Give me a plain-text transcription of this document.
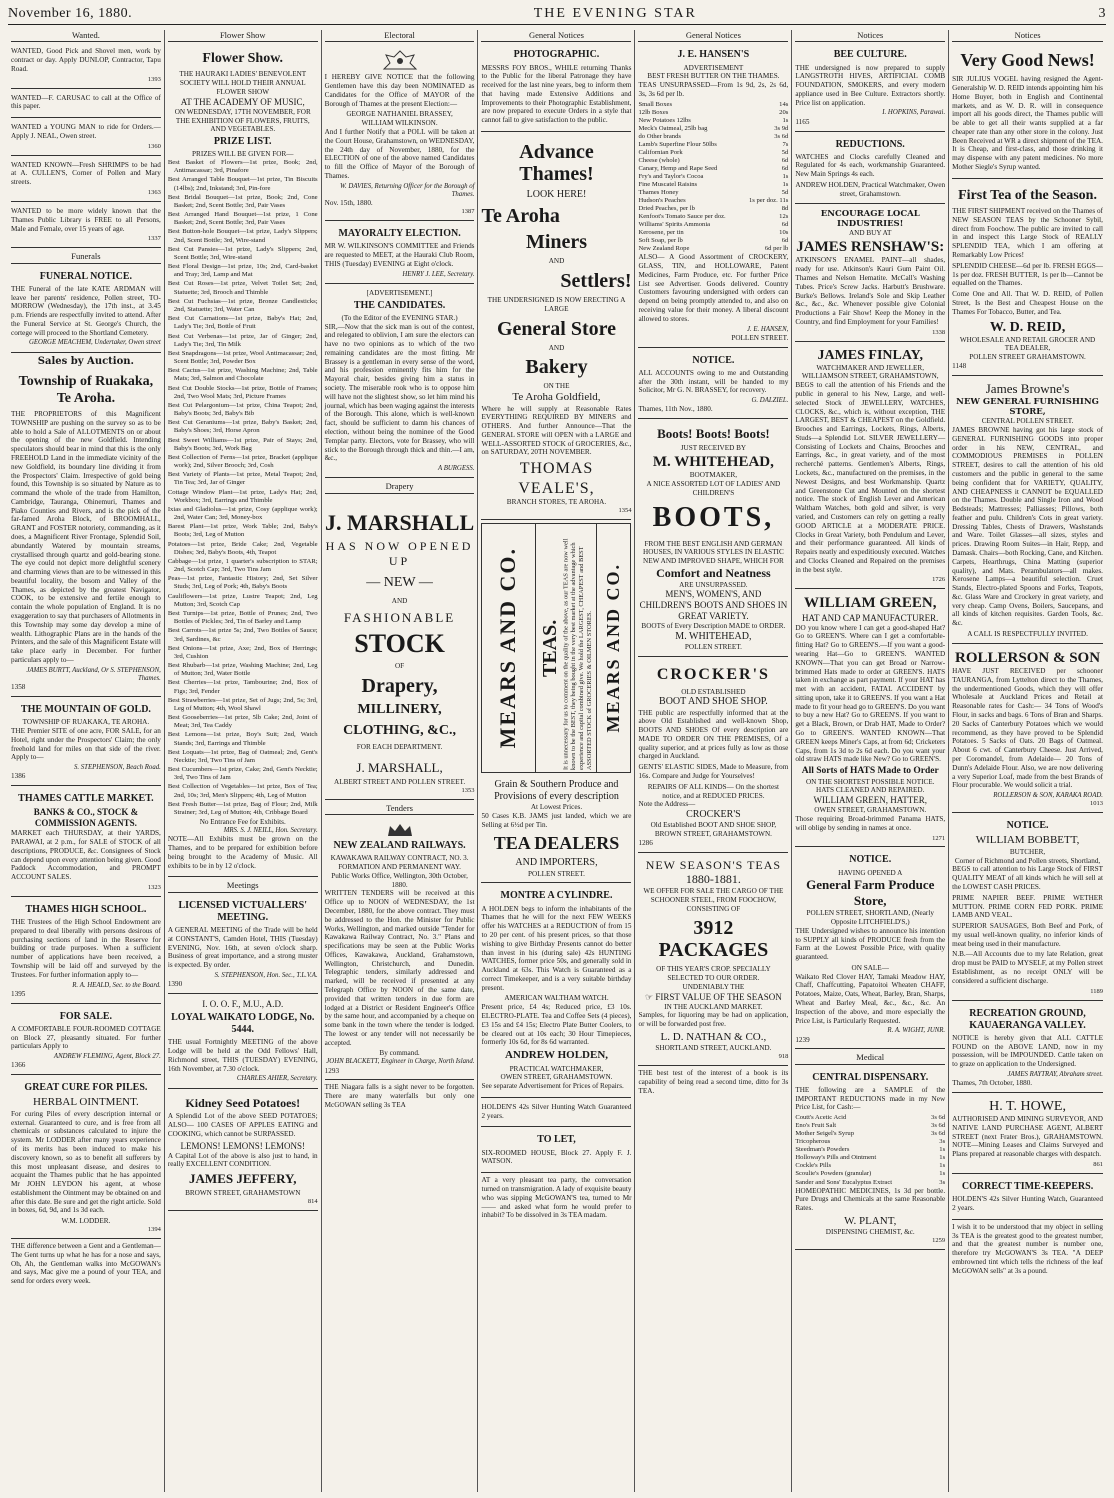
November 16, 1880.	THE EVENING STAR	3
Wanted.

WANTED, Good Pick and Shovel men, work by contract or day. Apply DUNLOP, Contractor, Tapu Road.

1393

WANTED—F. CARUSAC to call at the Office of this paper.

WANTED a YOUNG MAN to ride for Orders.—Apply J. NEAL, Owen street.

1360

WANTED KNOWN—Fresh SHRIMPS to be had at A. CULLEN'S, Corner of Pollen and Mary streets.

1363

WANTED to be more widely known that the Thames Public Library is FREE to all Persons, Male and Female, over 15 years of age.

1337
Funerals
FUNERAL NOTICE.

THE Funeral of the late KATE ARDMAN will leave her parents' residence, Pollen street, TO-MORROW (Wednesday), the 17th inst., at 3.45 p.m. Friends are respectfully invited to attend. After the Funeral Service at St. George's Church, the cortege will proceed to the Shortland Cemetery.

GEORGE MEACHEM, Undertaker, Owen street
Sales by Auction.
Township of Ruakaka, Te Aroha.

THE PROPRIETORS of this Magnificent TOWNSHIP are pushing on the survey so as to be able to hold a Sale of ALLOTMENTS on or about the opening of the new Goldfield. Intending speculators should bear in mind that this is the only FREEHOLD Land in the immediate vicinity of the new Goldfield, its boundary line dividing it from the Prospectors' Claim. Irrespective of gold being found, this Township is so situated by Nature as to command the whole of the trade from Hamilton, Cambridge, Tauranga, Ohinemuri, Thames and Piako Counties and Rivers, and is the pick of the far-famed Aroha Block, of BROOMHALL, GRANT and FOSTER notoriety, commanding, as it does, a Magnificent River Frontage, Splendid Soil, abundantly Watered by mountain streams, crystallised through quartz and gold-bearing stone. The eye could not depict more delightful scenery and charming views than are to be witnessed in this beautiful locality, the bosom and Valley of the Thames, as depicted by the greatest Navigator, COOK, to be extensive and fertile enough to contain the whole population of England. It is no exaggeration to say that purchasers of Allotments in this Township may some day develop a mine of wealth. Lithographic Plans are in the hands of the Printers, and the sale of this Magnificent Estate will take place early in December. For further particulars apply to—

JAMES BURTT, Auckland, Or S. STEPHENSON, Thames.
1358
THE MOUNTAIN OF GOLD.
TOWNSHIP OF RUAKAKA, TE AROHA.

THE Premier SITE of one acre, FOR SALE, for an Hotel, right under the Prospectors' Claim; the only freehold land for miles on that side of the river. Apply to—

S. STEPHENSON, Beach Road.
1386
THAMES CATTLE MARKET.
BANKS & CO., STOCK & COMMISSION AGENTS.

MARKET each THURSDAY, at their YARDS, PARAWAI, at 2 p.m., for SALE of STOCK of all descriptions, PRODUCE, &c. Consignees of Stock can depend upon every attention being given. Good Paddock Accommodation, and PROMPT ACCOUNT SALES.

1323
THAMES HIGH SCHOOL.

THE Trustees of the High School Endowment are prepared to deal liberally with persons desirous of purchasing sections of land in the Reserve for building or trade purposes. When a sufficient number of applications have been received, a Township will be laid off and surveyed by the Trustees. For further information apply to—

R. A. HEALD, Sec. to the Board.
1395
FOR SALE.

A COMFORTABLE FOUR-ROOMED COTTAGE on Block 27, pleasantly situated. For further particulars Apply to

ANDREW FLEMING, Agent, Block 27.
1366
GREAT CURE FOR PILES.
HERBAL OINTMENT.

For curing Piles of every description internal or external. Guaranteed to cure, and is free from all chemicals or substances calculated to injure the system. Mr LODDER after many years experience of its merits has been induced to make his discovery known, so as to benefit all sufferers by this most unpleasant disease, and desires to acquaint the Thames public that he has appointed Mr JOHN LEYDON his agent, at whose establishment the Ointment may be obtained on and after this date. Be sure and get the right article. Sold in boxes, 6d, 9d, and 1s 3d each.

W.M. LODDER.
1394

THE difference between a Gent and a Gentleman—The Gent turns up what he has for a nose and says, Oh, Ah, the Gentleman walks into McGOWAN's and says, Mac give me a pound of your TEA, and send for orders every week.

Flower Show
Flower Show.
THE HAURAKI LADIES' BENEVOLENT SOCIETY WILL HOLD THEIR ANNUAL FLOWER SHOW
AT THE ACADEMY OF MUSIC,
ON WEDNESDAY, 17TH NOVEMBER, FOR THE EXHIBITION OF FLOWERS, FRUITS, AND VEGETABLES.
PRIZE LIST.
PRIZES WILL BE GIVEN FOR—

Best Basket of Flowers—1st prize, Book; 2nd, Antimacassar; 3rd, Pinafore

Best Arranged Table Bouquet—1st prize, Tin Biscuits (14lbs); 2nd, Inkstand; 3rd, Pin-fore

Best Bridal Bouquet—1st prize, Book; 2nd, Cone Basket; 2nd, Scent Bottle; 3rd, Pair Vases

Best Arranged Hand Bouquet—1st prize, 1 Cone Basket; 2nd, Scent Bottle; 3rd, Pair Vases

Best Button-hole Bouquet—1st prize, Lady's Slippers; 2nd, Scent Bottle; 3rd, Wire-stand

Best Cut Pansies—1st prize, Lady's Slippers; 2nd, Scent Bottle; 3rd, Wire-stand

Best Floral Design—1st prize, 10s; 2nd, Card-basket and Tray; 3rd, Lamp and Mat

Best Cut Roses—1st prize, Velvet Toilet Set; 2nd, Statuette; 3rd, Brooch and Thimble

Best Cut Fuchsias—1st prize, Bronze Candlesticks; 2nd, Statuette; 3rd, Water Can

Best Cut Carnations—1st prize, Baby's Hat; 2nd, Lady's Tie; 3rd, Bottle of Fruit

Best Cut Verbenas—1st prize, Jar of Ginger; 2nd, Lady's Tie; 3rd, Tin Milk

Best Snapdragons—1st prize, Wool Antimacassar; 2nd, Scent Bottle; 3rd, Powder Box

Best Cactus—1st prize, Washing Machine; 2nd, Table Mats; 3rd, Salmon and Chocolate

Best Cut Double Stocks—1st prize, Bottle of Frames; 2nd, Two Wool Mats; 3rd, Picture Frames

Best Cut Pelargonium—1st prize, China Teapot; 2nd, Baby's Boots; 3rd, Baby's Bib

Best Cut Geraniums—1st prize, Baby's Basket; 2nd, Baby's Shoes; 3rd, Horse Apron

Best Sweet Williams—1st prize, Pair of Stays; 2nd, Baby's Boots; 3rd, Work Bag

Best Collection of Ferns—1st prize, Bracket (applique work); 2nd, Silver Brooch; 3rd, Cosh

Best Variety of Plants—1st prize, Metal Teapot; 2nd, Tin Tea; 3rd, Jar of Ginger

Cottage Window Plant—1st prize, Lady's Hat; 2nd, Workbox; 3rd, Earrings and Thimble

Ixias and Gladiolus—1st prize, Cosy (applique work); 2nd, Water Can; 3rd, Money-box

Barest Plant—1st prize, Work Table; 2nd, Baby's Boots; 3rd, Leg of Mutton

Potatoes—1st prize, Bride Cake; 2nd, Vegetable Dishes; 3rd, Baby's Boots, 4th, Teapot

Cabbage—1st prize, 1 quarter's subscription to STAR; 2nd, Scotch Cap; 3rd, Two Tins Jam

Peas—1st prize, Fantastic History; 2nd, Set Silver Studs; 3rd, Leg of Pork; 4th, Baby's Boots

Cauliflowers—1st prize, Lustre Teapot; 2nd, Leg Mutton; 3rd, Scotch Cap

Best Turnips—1st prize, Bottle of Prunes; 2nd, Two Bottles of Pickles; 3rd, Tin of Barley and Lamp

Best Carrots—1st prize 5s; 2nd, Two Bottles of Sauce; 3rd, Sardines, &c

Best Onions—1st prize, Axe; 2nd, Box of Herrings; 3rd, Cushion

Best Rhubarb—1st prize, Washing Machine; 2nd, Leg of Mutton; 3rd, Water Bottle

Best Cherries—1st prize, Tambourine; 2nd, Box of Figs; 3rd, Fender

Best Strawberries—1st prize, Set of Jugs; 2nd, 5s; 3rd, Leg of Mutton; 4th, Wool Shawl

Best Gooseberries—1st prize, 5lb Cake; 2nd, Joint of Meat; 3rd, Tea Caddy

Best Lemons—1st prize, Boy's Suit; 2nd, Watch Stands; 3rd, Earrings and Thimble

Best Loquats—1st prize, Bag of Oatmeal; 2nd, Gent's Necktie; 3rd, Two Tins of Jam

Best Cucumbers—1st prize, Cake; 2nd, Gent's Necktie; 3rd, Two Tins of Jam

Best Collection of Vegetables—1st prize, Box of Tea; 2nd, 10s; 3rd, Men's Slippers; 4th, Leg of Mutton

Best Fresh Butter—1st prize, Bag of Flour; 2nd, Milk Strainer; 3rd, Leg of Mutton; 4th, Cribbage Board

No Entrance Fee for Exhibits.
MRS. S. J. NEILL, Hon. Secretary.

NOTE—All Exhibits must be grown on the Thames, and to be prepared for exhibition before being brought to the Academy of Music. All exhibits to be in by 12 o'clock.

Meetings
LICENSED VICTUALLERS' MEETING.

A GENERAL MEETING of the Trade will be held at CONSTANT'S, Camden Hotel, THIS (Tuesday) EVENING, Nov. 16th, at seven o'clock sharp. Business of great importance, and a strong muster is expected. By order.

S. STEPHENSON, Hon. Sec., T.L.V.A.
1390
I. O. O. F., M.U., A.D.
LOYAL WAIKATO LODGE, No. 5444.

THE usual Fortnightly MEETING of the above Lodge will be held at the Odd Fellows' Hall, Richmond street, THIS (TUESDAY) EVENING, 16th November, at 7.30 o'clock.

CHARLES AHIER, Secretary.
Kidney Seed Potatoes!

A Splendid Lot of the above SEED POTATOES; ALSO— 100 CASES OF APPLES EATING and COOKING, which cannot be SURPASSED.

LEMONS! LEMONS! LEMONS!

A Capital Lot of the above is also just to hand, in really EXCELLENT CONDITION.

JAMES JEFFERY,
BROWN STREET, GRAHAMSTOWN
814
Electoral

I HEREBY GIVE NOTICE that the following Gentlemen have this day been NOMINATED as Candidates for the Office of MAYOR of the Borough of Thames at the present Election:—

GEORGE NATHANIEL BRASSEY,
WILLIAM WILKINSON.

And I further Notify that a POLL will be taken at the Court House, Grahamstown, on WEDNESDAY, the 24th day of November, 1880, for the ELECTION of one of the above named Candidates to fill the Office of Mayor of the Borough of Thames.

W. DAVIES, Returning Officer for the Borough of Thames.
Nov. 15th, 1880.
1387
MAYORALTY ELECTION.

MR W. WILKINSON'S COMMITTEE and Friends are requested to MEET, at the Hauraki Club Room, THIS (Tuesday) EVENING at Eight o'clock.

HENRY J. LEE, Secretary.
[ADVERTISEMENT.]
THE CANDIDATES.
(To the Editor of the EVENING STAR.)

SIR,—Now that the sick man is out of the contest, and relegated to oblivion, I am sure the electors can have no two opinions as to which of the two remaining candidates are the most fitting. Mr Brassey is a gentleman in every sense of the word, and his profession eminently fits him for the Mayoral chair, besides giving him a status in society. The miserable rook who is to oppose him will have not the slightest show, so let him mind his journal, which has been waging against the interests of the Borough. This alone, which is well-known fact, should be sufficient to damn his chances of election, without being the nominee of the Good Templar party. Electors, vote for Brassey, who will stick to the Borough through thick and thin.—I am, &c.,

A BURGESS.
Drapery
J. MARSHALL
HAS NOW OPENED UP
— NEW —
AND
FASHIONABLE
STOCK
OF
Drapery,
MILLINERY,
CLOTHING, &C.,
FOR EACH DEPARTMENT.
J. MARSHALL,
ALBERT STREET AND POLLEN STREET.
1353
Tenders
NEW ZEALAND RAILWAYS.
KAWAKAWA RAILWAY CONTRACT, NO. 3.
FORMATION AND PERMANENT WAY.
Public Works Office, Wellington, 30th October, 1880.

WRITTEN TENDERS will be received at this Office up to NOON of WEDNESDAY, the 1st December, 1880, for the above contract. They must be addressed to the Hon. the Minister for Public Works, Wellington, and marked outside "Tender for Kawakawa Railway Contract, No. 3." Plans and specifications may be seen at the Public Works Offices, Kawakawa, Auckland, Grahamstown, Wellington, Christchurch, and Dunedin. Telegraphic tenders, similarly addressed and marked, will be received if presented at any Telegraph Office by NOON of the same date, provided that written tenders in due form are lodged at a District or Resident Engineer's Office by the same hour, and accompanied by a cheque on some bank in the town where the tender is lodged. The lowest or any tender will not necessarily be accepted.

By command.
JOHN BLACKETT, Engineer in Charge, North Island.
1293

THE Niagara falls is a sight never to be forgotten. There are many waterfalls but only one McGOWAN selling 3s TEA

General Notices
PHOTOGRAPHIC.

MESSRS FOY BROS., WHILE returning Thanks to the Public for the liberal Patronage they have received for the last nine years, beg to inform them that having made Extensive Additions and Improvements to their Photographic Establishment, are now prepared to execute Orders in a style that cannot fail to give satisfaction to the public.

Advance Thames!
LOOK HERE!
Te Aroha
Miners
AND
Settlers!
THE UNDERSIGNED IS NOW ERECTING A LARGE
General Store
AND
Bakery
ON THE
Te Aroha Goldfield,

Where he will supply at Reasonable Rates EVERYTHING REQUIRED BY MINERS and OTHERS. And further Announce—That the GENERAL STORE will OPEN with a LARGE and WELL-ASSORTED STOCK of GROCERIES, &c., on SATURDAY, 20TH NOVEMBER.

THOMAS VEALE'S,
BRANCH STORES, TE AROHA.
1354
MEARS AND CO. TEAS. It is unnecessary for us to comment on the quality of the above, as our TEAS are now well known to be the BEST, they being bought in the very best market at the advantage which experience and capital combined give. We hold the LARGEST, CHEAPEST and BEST ASSORTED STOCK of GROCERIES & OILMEN STORES. MEARS AND CO.
Grain & Southern Produce and Provisions of every description
At Lowest Prices.

50 Cases K.B. JAMS just landed, which we are Selling at 6½d per Tin.

TEA DEALERS
AND IMPORTERS,
POLLEN STREET.
MONTRE A CYLINDRE.

A HOLDEN begs to inform the inhabitants of the Thames that he will for the next FEW WEEKS offer his WATCHES at a REDUCTION of from 15 to 20 per cent. of his present prices, so that those wishing to give Birthday Presents cannot do better than invest in his (during sale) 42s HUNTING WATCHES, former price 50s, and generally sold in Auckland at 63s. This Watch is Guaranteed as a correct Timekeeper, and is a very suitable birthday present.

AMERICAN WALTHAM WATCH.

Present price, £4 4s; Reduced price, £3 10s. ELECTRO-PLATE. Tea and Coffee Sets (4 pieces), £3 15s and £4 15s; Electro Plate Butter Coolers, to be cleared out at 10s each; 30 Hour Timepieces, formerly 10s 6d, for 8s 6d warranted.

ANDREW HOLDEN,
PRACTICAL WATCHMAKER,
OWEN STREET, GRAHAMSTOWN.

See separate Advertisement for Prices of Repairs.

HOLDEN'S 42s Silver Hunting Watch Guaranteed 2 years.

TO LET,

SIX-ROOMED HOUSE, Block 27. Apply F. J. WATSON.

AT a very pleasant tea party, the conversation turned on transmigration. A lady of exquisite beauty who was sipping McGOWAN'S tea, turned to Mr —— and asked what form he would prefer to inhabit? To be dissolved in 3s TEA madam.

General Notices
J. E. HANSEN'S
ADVERTISEMENT
BEST FRESH BUTTER ON THE THAMES.

TEAS UNSURPASSED—From 1s 9d, 2s, 2s 6d, 3s, 3s 6d per lb.

Small Boxes	14s
12lb Boxes	20s
New Potatoes 12lbs	1s
Meck's Oatmeal, 25lb bag	3s 9d
do Other brands	3s 6d
Lamb's Superfine Flour 50lbs	7s
Californian Pork	5d
Cheese (whole)	6d
Canary, Hemp and Rape Seed	6d
Fry's and Taylor's Cocoa	1s
Fine Muscatel Raisins	1s
Thames Honey	5d
Hudson's Peaches	1s per doz. 11s
Dried Peaches, per lb	8d
Kenfoot's Tomato Sauce per doz.	12s
Williams' Spirits Ammonia	6d
Kerosene, per tin	10s
Soft Soap, per lb	6d
New Zealand Rope	6d per lb

ALSO— A Good Assortment of CROCKERY, GLASS, TIN, and HOLLOWARE, Patent Medicines, Farm Produce, etc. For further Price List see Advertiser. Goods delivered. Country Customers favouring undersigned with orders can depend on being promptly attended to, and also on receiving value for their money. A liberal discount allowed to stores.

J. E. HANSEN,
POLLEN STREET.
NOTICE.

ALL ACCOUNTS owing to me and Outstanding after the 30th instant, will be handed to my Solicitor, Mr G. N. BRASSEY, for recovery.

G. DALZIEL.
Thames, 11th Nov., 1880.
Boots! Boots! Boots!
JUST RECEIVED BY
M. WHITEHEAD,
BOOTMAKER,
A NICE ASSORTED LOT OF LADIES' AND CHILDREN'S
BOOTS,
FROM THE BEST ENGLISH AND GERMAN HOUSES, IN VARIOUS STYLES IN ELASTIC NEW AND IMPROVED SHAPE, WHICH FOR
Comfort and Neatness
ARE UNSURPASSED.
MEN'S, WOMEN'S, AND CHILDREN'S BOOTS AND SHOES IN GREAT VARIETY.
BOOTS of Every Description MADE to ORDER.
M. WHITEHEAD,
POLLEN STREET.
CROCKER'S
OLD ESTABLISHED
BOOT AND SHOE SHOP.

THE public are respectfully informed that at the above Old Established and well-known Shop, BOOTS AND SHOES Of every description are MADE TO ORDER ON THE PREMISES, Of a quality superior, and at prices fully as low as those charged in Auckland.

GENTS' ELASTIC SIDES, Made to Measure, from 16s. Compare and Judge for Yourselves!

REPAIRS OF ALL KINDS— On the shortest notice, and at REDUCED PRICES.
Note the Address—
CROCKER'S
Old Established BOOT AND SHOE SHOP,
BROWN STREET, GRAHAMSTOWN.
1286
NEW SEASON'S TEAS
1880-1881.
WE OFFER FOR SALE THE CARGO OF THE SCHOONER STEEL, FROM FOOCHOW, CONSISTING OF
3912 PACKAGES
OF THIS YEAR'S CROP. SPECIALLY SELECTED TO OUR ORDER.
UNDENIABLY THE
☞ FIRST VALUE OF THE SEASON
IN THE AUCKLAND MARKET.

Samples, for liquoring may be had on application, or will be forwarded post free.

L. D. NATHAN & CO.,
SHORTLAND STREET, AUCKLAND.
918

THE best test of the interest of a book is its capability of being read a second time, ditto for 3s TEA.

Notices
BEE CULTURE.

THE undersigned is now prepared to supply LANGSTROTH HIVES, ARTIFICIAL COMB FOUNDATION, SMOKERS, and every modern appliance used in Bee Culture. Extractors shortly. Price list on application.

I. HOPKINS, Parawai.
1165
REDUCTIONS.

WATCHES and Clocks carefully Cleaned and Regulated for 4s each, workmanship Guaranteed. New Main Springs 4s each.

ANDREW HOLDEN, Practical Watchmaker, Owen street, Grahamstown.
ENCOURAGE LOCAL INDUSTRIES!
AND BUY AT
JAMES RENSHAW'S:

ATKINSON'S ENAMEL PAINT—all shades, ready for use. Atkinson's Kauri Gum Paint Oil. Thames and Nelson Hematite. McCall's Washing Tubes. Price's Screw Jacks. Harbutt's Brushware. Burke's Bellows. Ireland's Sole and Skip Leather &c., &c., &c. Whenever possible give Colonial Productions a Fair Show! Keep the Money in the Country, and find Employment for your Families!

1338
JAMES FINLAY,
WATCHMAKER AND JEWELLER,
WILLIAMSON STREET, GRAHAMSTOWN,

BEGS to call the attention of his Friends and the public in general to his New, Large, and well-selected Stock of JEWELLERY, WATCHES, CLOCKS, &c., which is, without exception, THE LARGEST, BEST & CHEAPEST on the Goldfield. Brooches and Earrings, Lockets, Rings, Alberts, Studs—a Splendid Lot. SILVER JEWELLERY—Consisting of Lockets and Chains, Brooches and Earrings, &c., in great variety, and of the most recherché patterns. Gentlemen's Alberts, Rings, Lockets, &c., manufactured on the premises, in the Newest Designs, and best Workmanship. Quartz and Greenstone Cut and Mounted on the shortest notice. The stock of English Lever and American Waltham Watches, both gold and silver, is very varied, and Customers can rely on getting a really GOOD ARTICLE at a MODERATE PRICE. Clocks in Great Variety, both Pendulum and Lever, and their performance guaranteed. All kinds of Repairs neatly and expeditiously executed. Watches and Clocks Cleaned and Repaired on the premises in the best style.

1726
WILLIAM GREEN,
HAT AND CAP MANUFACTURER.

DO you know where I can get a good-shaped Hat? Go to GREEN'S. Where can I get a comfortable-fitting Hat? Go to GREEN'S.—If you want a good-wearing Hat—Go to GREEN'S. WANTED KNOWN—That you can get Broad or Narrow-brimmed Hats made to order at GREEN'S. HATS taken in exchange as part payment. If your HAT has met with an accident, FATAL ACCIDENT by sitting upon, take it to GREEN'S. If you want a Hat made to fit your head go to GREEN'S. Do you want to buy a new Hat? Go to GREEN'S. If you want to get a Black, Brown, or Drab HAT, Made to Order? Go to GREEN'S. WANTED KNOWN—That GREEN keeps Miner's Caps, at from 6d; Cricketers Caps, from 1s 3d to 2s 6d each. Do you want your old straw HATS made like New? Go to GREEN'S.

All Sorts of HATS Made to Order
ON THE SHORTEST POSSIBLE NOTICE.
HATS CLEANED AND REPAIRED.
WILLIAM GREEN, HATTER,
OWEN STREET, GRAHAMSTOWN.

Those requiring Broad-brimmed Panama HATS, will oblige by sending in names at once.

1271
NOTICE.
HAVING OPENED A
General Farm Produce Store,
POLLEN STREET, SHORTLAND, (Nearly Opposite LITCHFIELD'S,)

THE Undersigned wishes to announce his intention to SUPPLY all kinds of PRODUCE fresh from the Farm at the Lowest Possible Price, with quality guaranteed.

ON SALE—

Waikato Red Clover HAY, Tamaki Meadow HAY, Chaff, Chaffcutting, Papatoitoi Wheaten CHAFF, Potatoes, Maize, Oats, Wheat, Barley, Bran, Sharps, Wheat and Barley Meal, &c., &c., &c. An Inspection of the above, and more especially the Price List, is Particularly Requested.

R. A. WIGHT, JUNR.
1239
Medical
CENTRAL DISPENSARY.

THE following are a SAMPLE of the IMPORTANT REDUCTIONS made in my New Price List, for Cash:—

Coutt's Acetic Acid	3s 6d
Eno's Fruit Salt	3s 6d
Mother Seigel's Syrup	3s 6d
Tricopherous	3s
Steedman's Powders	1s
Holloway's Pills and Ointment	1s
Cockle's Pills	1s
Scoulie's Powders (granular)	1s
Sander and Sons' Eucalyptus Extract	3s

HOMEOPATHIC MEDICINES, 1s 3d per bottle. Pure Drugs and Chemicals at the same Reasonable Rates.

W. PLANT,
DISPENSING CHEMIST, &c.
1259
Notices
Very Good News!

SIR JULIUS VOGEL having resigned the Agent-Generalship W. D. REID intends appointing him his Home Buyer, both in English and Continental markets, and as W. D. R. will in consequence import all his goods direct, the Thames public will be able to get all their wants supplied at a far cheaper rate than any other store in the colony. Just Been Received at WR a direct shipment of the TEA. It is Cheap, and first-class, and those drinking it may dispense with any patent medicines. No more Mother Siegle's Syrup wanted.

First Tea of the Season.

THE FIRST SHIPMENT received on the Thames of NEW SEASON TEAS by the Schooner Sybil, direct from Foochow. The public are invited to call in and inspect this Large Stock of REALLY SPLENDID TEA, which I am offering at Remarkably Low Prices!

SPLENDID CHEESE—6d per lb. FRESH EGGS—1s per doz. FRESH BUTTER, 1s per lb—Cannot be equalled on the Thames.

Come One and All. That W. D. REID, of Pollen Street, Is the Best and Cheapest House on the Thames For Tobacco, Butter, and Tea.

W. D. REID,
WHOLESALE AND RETAIL GROCER AND TEA DEALER,
POLLEN STREET GRAHAMSTOWN.
1148
James Browne's
NEW GENERAL FURNISHING STORE,
CENTRAL POLLEN STREET.

JAMES BROWNE having got his large stock of GENERAL FURNISHING GOODS into proper order in his NEW, CENTRAL, and COMMODIOUS PREMISES in POLLEN STREET, desires to call the attention of his old customers and the public in general to the same being confident that for VARIETY, QUALITY, AND CHEAPNESS it CANNOT be EQUALLED on the Thames. Double and Single Iron and Wood Bedsteads; Mattresses; Palliasses; Pillows, both feather and pulu. Children's Cots in great variety. Dressing Tables, Chests of Drawers, Washstands and Ware. Toilet Glasses—all sizes, styles and prices. Drawing Room Suites—in Hair, Repp, and Damask. Chairs—both Rocking, Cane, and Kitchen. Carpets, Hearthrugs, China Matting (superior quality), and Mats. Perambulators—all makes. Kerosene Lamps—a beautiful selection. Cruet Stands, Electro-plated Spoons and Forks, Teapots, &c. Glass Ware and Crockery in great variety, and very cheap. Camp Ovens, Boilers, Saucepans, and all kinds of kitchen requisites. Garden Tools, &c. &c.

A CALL IS RESPECTFULLY INVITED.
ROLLERSON & SON

HAVE JUST RECEIVED per schooner TAURANGA, from Lyttelton direct to the Thames, the undermentioned Goods, which they will offer Wholesale at Auckland Prices and Retail at Reasonable rates for Cash:— 34 Tons of Wood's Flour, in sacks and bags. 6 Tons of Bran and Sharps. 20 Sacks of Canterbury Potatoes which we would recommend, as they have proved to be Splendid Potatoes. 5 Sacks of Oats. 20 Bags of Oatmeal. About 6 cwt. of Canterbury Cheese. Just Arrived, per Coromandel, from Adelaide— 20 Tons of Dunn's Adelaide Flour. Also, we are now delivering a very Superior Loaf, made from the best Brands of Flour procurable. We would solicit a trial.

ROLLERSON & SON, KARAKA ROAD.
1013
NOTICE.
WILLIAM BOBBETT,
BUTCHER,
Corner of Richmond and Pollen streets, Shortland,

BEGS to call attention to his Large Stock of FIRST QUALITY MEAT of all kinds which he will sell at the LOWEST CASH PRICES.

PRIME NAPIER BEEF. PRIME WETHER MUTTON. PRIME CORN FED PORK. PRIME LAMB AND VEAL.

SUPERIOR SAUSAGES, Both Beef and Pork, of my usual well-known quality, no inferior kinds of meat being used in their manufacture.

N.B.—All Accounts due to my late Relation, great drop must be PAID to MYSELF, at my Pollen street Establishment, as no receipt ONLY will be considered a sufficient discharge.

1189
RECREATION GROUND, KAUAERANGA VALLEY.

NOTICE is hereby given that ALL CATTLE FOUND on the ABOVE LAND, now in my possession, will be IMPOUNDED. Cattle taken on to graze on application to the Undersigned.

JAMES RAYTRAY, Abraham street.
Thames, 7th October, 1880.
H. T. HOWE,

AUTHORISED AND MINING SURVEYOR, AND NATIVE LAND PURCHASE AGENT, ALBERT STREET (next Frater Bros.), GRAHAMSTOWN. NOTE—Mining Leases and Claims Surveyed and Plans prepared at reasonable charges with despatch.

861
CORRECT TIME-KEEPERS.

HOLDEN'S 42s Silver Hunting Watch, Guaranteed 2 years.

I wish it to be understood that my object in selling 3s TEA is the greatest good to the greatest number, and that the greatest number is number one, therefore try McGOWAN'S 3s TEA. "A DEEP embrowned tint which tells the richness of the leaf McGOWAN sells" at 3s a pound.
